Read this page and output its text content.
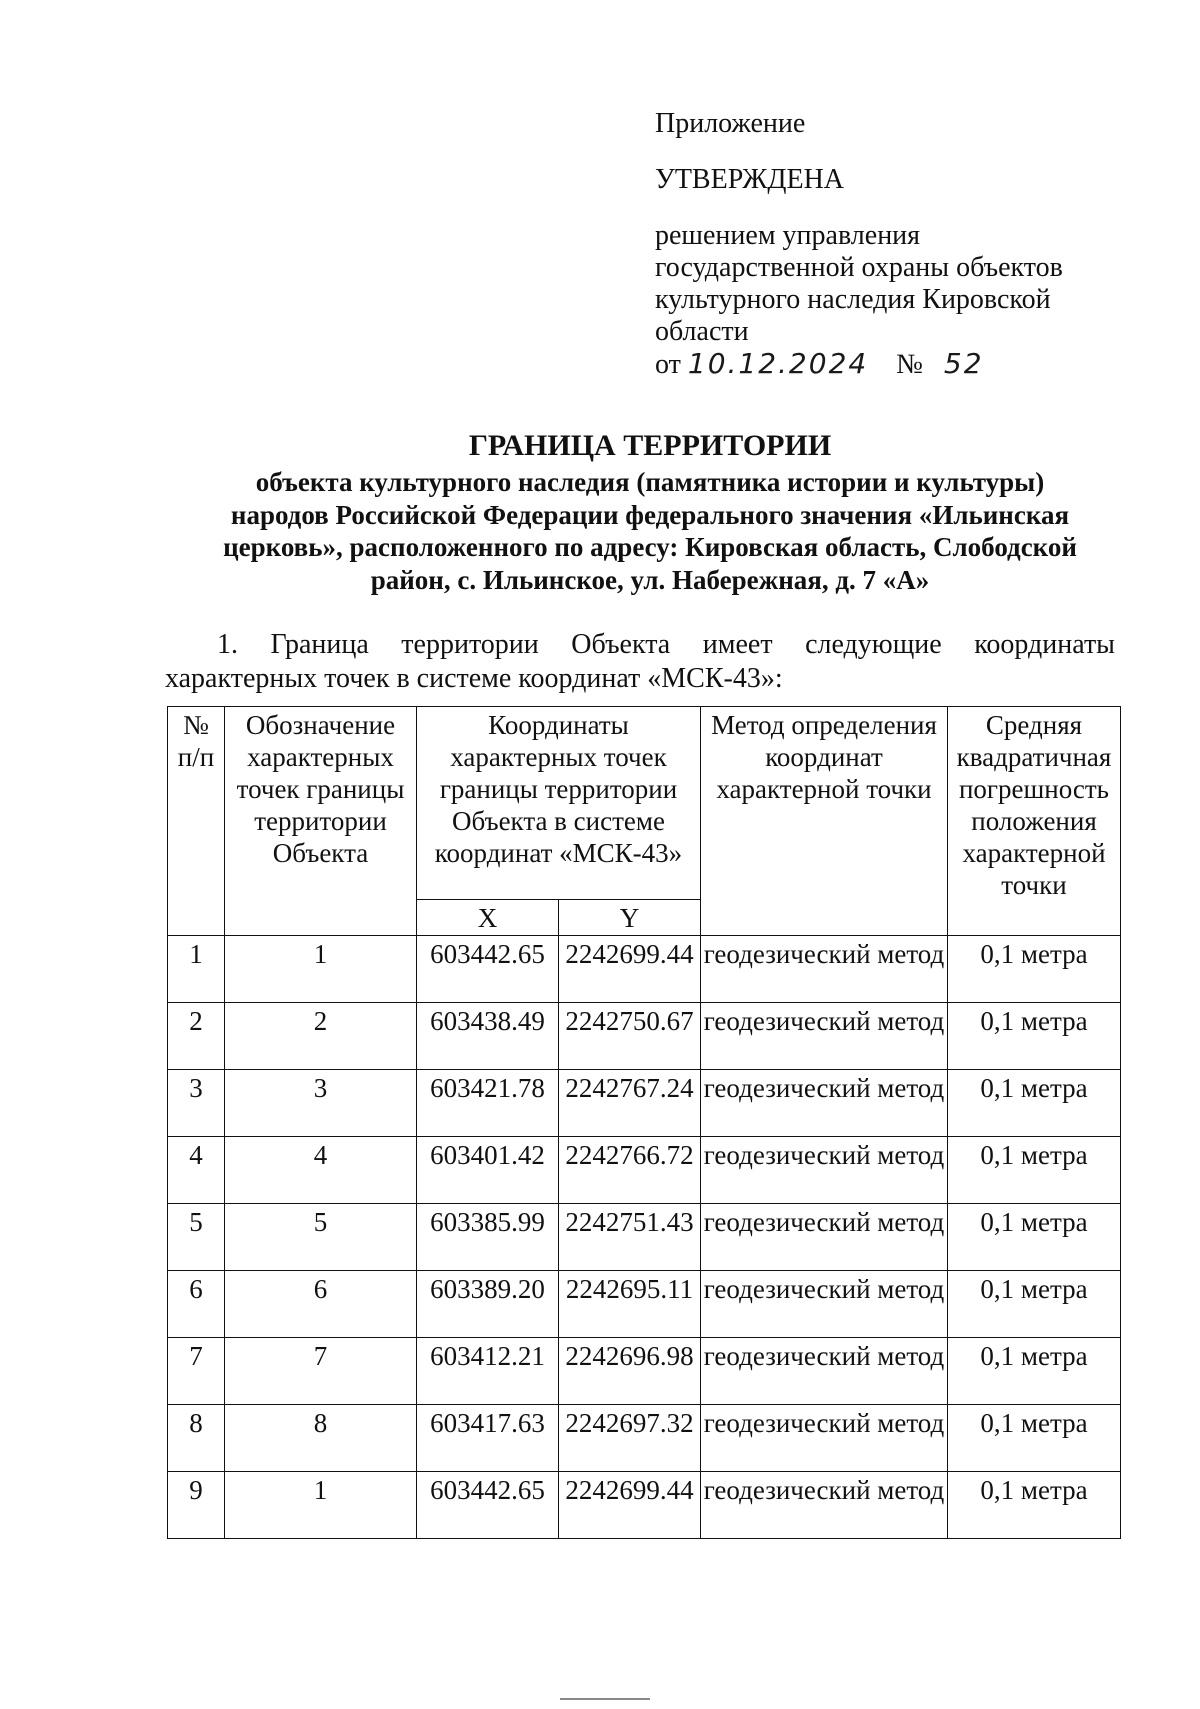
Приложение
УТВЕРЖДЕНА
решением управления
государственной охраны объектов
культурного наследия Кировской
области
от 10.12.2024 № 52
ГРАНИЦА ТЕРРИТОРИИ
объекта культурного наследия (памятника истории и культуры)
народов Российской Федерации федерального значения «Ильинская
церковь», расположенного по адресу: Кировская область, Слободской
район, с. Ильинское, ул. Набережная, д. 7 «А»

1. Граница территории Объекта имеет следующие координаты характерных точек в системе координат «МСК-43»:

№ п/п	Обозначение характерных точек границы территории Объекта	Координаты характерных точек границы территории Объекта в системе координат «МСК-43»		Метод определения координат характерной точки	Средняя квадратичная погрешность положения характерной точки
		X	Y		
1	1	603442.65	2242699.44	геодезический метод	0,1 метра
2	2	603438.49	2242750.67	геодезический метод	0,1 метра
3	3	603421.78	2242767.24	геодезический метод	0,1 метра
4	4	603401.42	2242766.72	геодезический метод	0,1 метра
5	5	603385.99	2242751.43	геодезический метод	0,1 метра
6	6	603389.20	2242695.11	геодезический метод	0,1 метра
7	7	603412.21	2242696.98	геодезический метод	0,1 метра
8	8	603417.63	2242697.32	геодезический метод	0,1 метра
9	1	603442.65	2242699.44	геодезический метод	0,1 метра
